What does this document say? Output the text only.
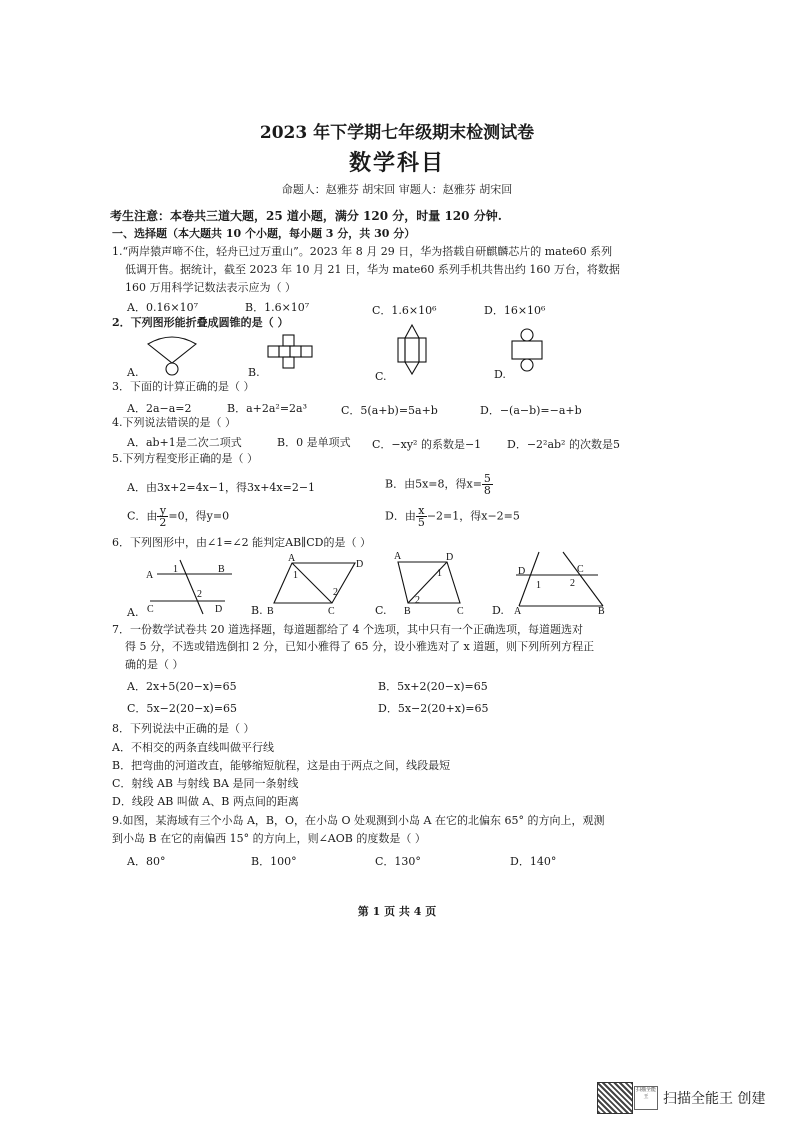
2023 年下学期七年级期末检测试卷
数学科目
命题人：赵雅芬 胡宋回 审题人：赵雅芬 胡宋回
考生注意：本卷共三道大题，25 道小题，满分 120 分，时量 120 分钟.
一、选择题（本大题共 10 个小题，每小题 3 分，共 30 分）
1.“两岸猿声啼不住，轻舟已过万重山”。2023 年 8 月 29 日，华为搭载自研麒麟芯片的 mate60 系列
低调开售。据统计，截至 2023 年 10 月 21 日，华为 mate60 系列手机共售出约 160 万台，将数据
160 万用科学记数法表示应为（ ）
A．0.16×10⁷	B．1.6×10⁷	C．1.6×10⁶	D．16×10⁶
2．下列图形能折叠成圆锥的是（ ）
A.	B.	C.	D.
3．下面的计算正确的是（ ）
A．2a−a=2	B．a+2a²=2a³	C．5(a+b)=5a+b	D．−(a−b)=−a+b
4.下列说法错误的是（ ）
A．ab+1是二次二项式	B．0 是单项式 C．−xy² 的系数是−1 D．−2²ab² 的次数是5
5.下列方程变形正确的是（ ）
A．由3x+2=4x−1，得3x+4x=2−1	B．由5x=8，得$x= \frac{5}{8}$
C．由 $\frac{y}{2} =0$，得y=0	D．由 $\frac{x}{5} -2=1$，得x−2=5
6．下列图形中，由∠1=∠2 能判定AB∥CD的是（ ）
A
B
C	D
1
2
A
B	C
D
1
2
A	D
B	C
1
2
D	C
A	B
1	2
A.	B.	C.	D.
7．一份数学试卷共 20 道选择题，每道题都给了 4 个选项，其中只有一个正确选项，每道题选对
得 5 分，不选或错选倒扣 2 分，已知小雅得了 65 分，设小雅选对了 x 道题，则下列所列方程正
确的是（ ）
A．2x+5(20−x)=65	B．5x+2(20−x)=65
C．5x−2(20−x)=65	D．5x−2(20+x)=65
8．下列说法中正确的是（ ）
A．不相交的两条直线叫做平行线
B．把弯曲的河道改直，能够缩短航程，这是由于两点之间，线段最短
C．射线 AB 与射线 BA 是同一条射线
D．线段 AB 叫做 A、B 两点间的距离
9.如图，某海域有三个小岛 A，B，O，在小岛 O 处观测到小岛 A 在它的北偏东 65° 的方向上，观测
到小岛 B 在它的南偏西 15° 的方向上，则∠AOB 的度数是（ ）
A．80°	B．100°	C．130°	D．140°
第 1 页 共 4 页
扫描全能王	扫描全能王 创建
